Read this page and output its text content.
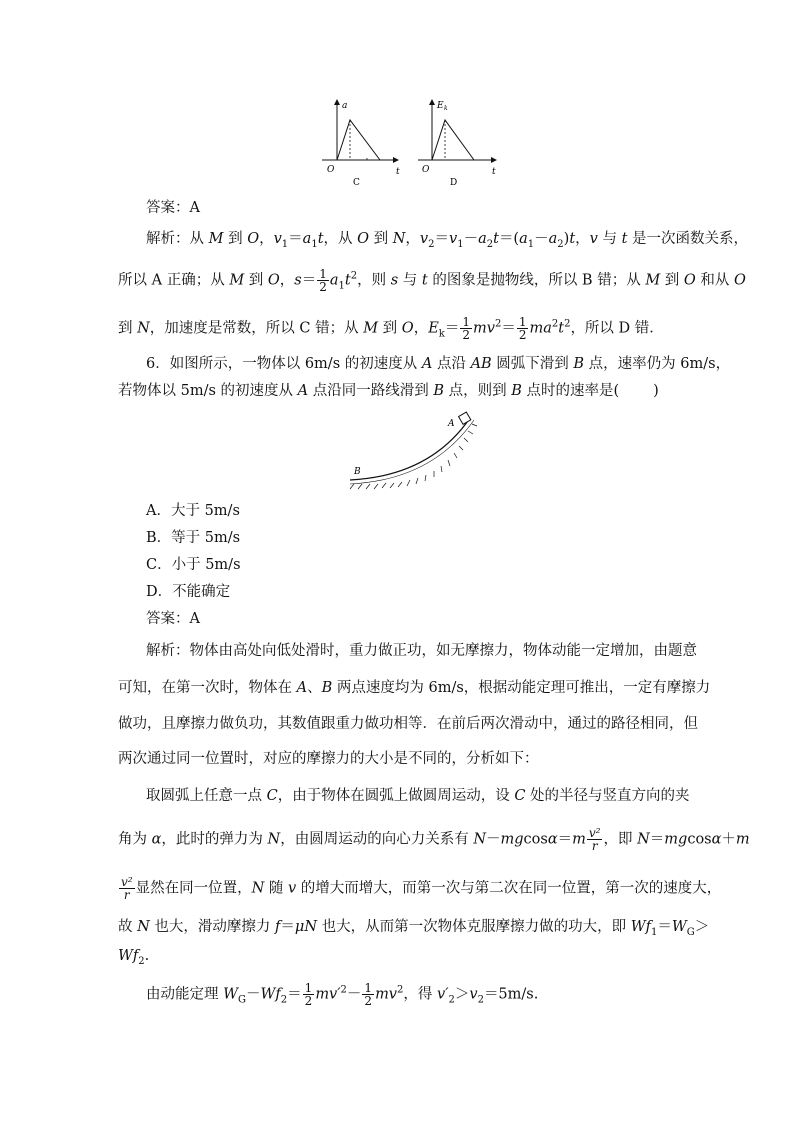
a
O	t
C
E k
O	t
D
答案：A
解析：从 M 到 O，$v_1=a_1t$，从 O 到 N，$v_2=v_1-a_2t=(a_1-a_2)t$，v 与 t 是一次函数关系，
所以 A 正确；从 M 到 O，$s= \frac{1}{2} a_1t^2$，则 s 与 t 的图象是抛物线，所以 B 错；从 M 到 O 和从 O
到 N，加速度是常数，所以 C 错；从 M 到 O，$E_k= \frac{1}{2} mv^2= \frac{1}{2} ma^2t^2$，所以 D 错．
6．如图所示，一物体以 6m/s 的初速度从 A 点沿 AB 圆弧下滑到 B 点，速率仍为 6m/s，
若物体以 5m/s 的初速度从 A 点沿同一路线滑到 B 点，则到 B 点时的速率是( )
A
B
A．大于 5m/s
B．等于 5m/s
C．小于 5m/s
D．不能确定
答案：A
解析：物体由高处向低处滑时，重力做正功，如无摩擦力，物体动能一定增加，由题意
可知，在第一次时，物体在 A、B 两点速度均为 6m/s，根据动能定理可推出，一定有摩擦力
做功，且摩擦力做负功，其数值跟重力做功相等．在前后两次滑动中，通过的路径相同，但
两次通过同一位置时，对应的摩擦力的大小是不同的，分析如下：
取圆弧上任意一点 C，由于物体在圆弧上做圆周运动，设 C 处的半径与竖直方向的夹
角为 α，此时的弹力为 N，由圆周运动的向心力关系有 $N-mgcos\alpha=m \frac{\text{v²}}{r}$ ，即 N＝mgcosα＋m
$\frac{\text{v²}}{r}$ 显然在同一位置，N 随 v 的增大而增大，而第一次与第二次在同一位置，第一次的速度大，
故 N 也大，滑动摩擦力 f＝μN 也大，从而第一次物体克服摩擦力做的功大，即 $Wf_1=W_G>$
$Wf_2$.
由动能定理 $W_G-Wf_2= \frac{1}{2} mv'^2- \frac{1}{2} mv^2$，得 $v'_2>v_2=5m/s$.
